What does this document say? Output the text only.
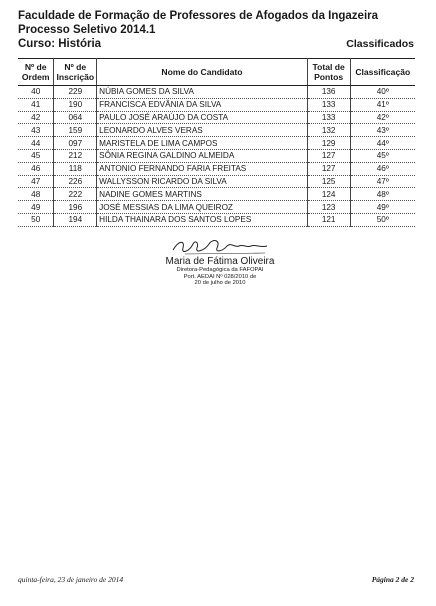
Faculdade de Formação de Professores de Afogados da Ingazeira
Processo Seletivo 2014.1
Curso: História	Classificados
Nº de Ordem	Nº de Inscrição	Nome do Candidato	Total de Pontos	Classificação
40	229	NÚBIA GOMES DA SILVA	136	40º
41	190	FRANCISCA EDVÂNIA DA SILVA	133	41º
42	064	PAULO JOSÉ ARAÚJO DA COSTA	133	42º
43	159	LEONARDO ALVES VERAS	132	43º
44	097	MARISTELA DE LIMA CAMPOS	129	44º
45	212	SÔNIA REGINA GALDINO ALMEIDA	127	45º
46	118	ANTONIO FERNANDO FARIA FREITAS	127	46º
47	226	WALLYSSON RICARDO DA SILVA	125	47º
48	222	NADINE GOMES MARTINS	124	48º
49	196	JOSÉ MESSIAS DA LIMA QUEIROZ	123	49º
50	194	HILDA THAINARA DOS SANTOS LOPES	121	50º
Maria de Fátima Oliveira
Diretora-Pedagógica da FAFOPAI
Port. AEDAI Nº 028/2010 de
20 de julho de 2010
quinta-feira, 23 de janeiro de 2014	Página 2 de 2
